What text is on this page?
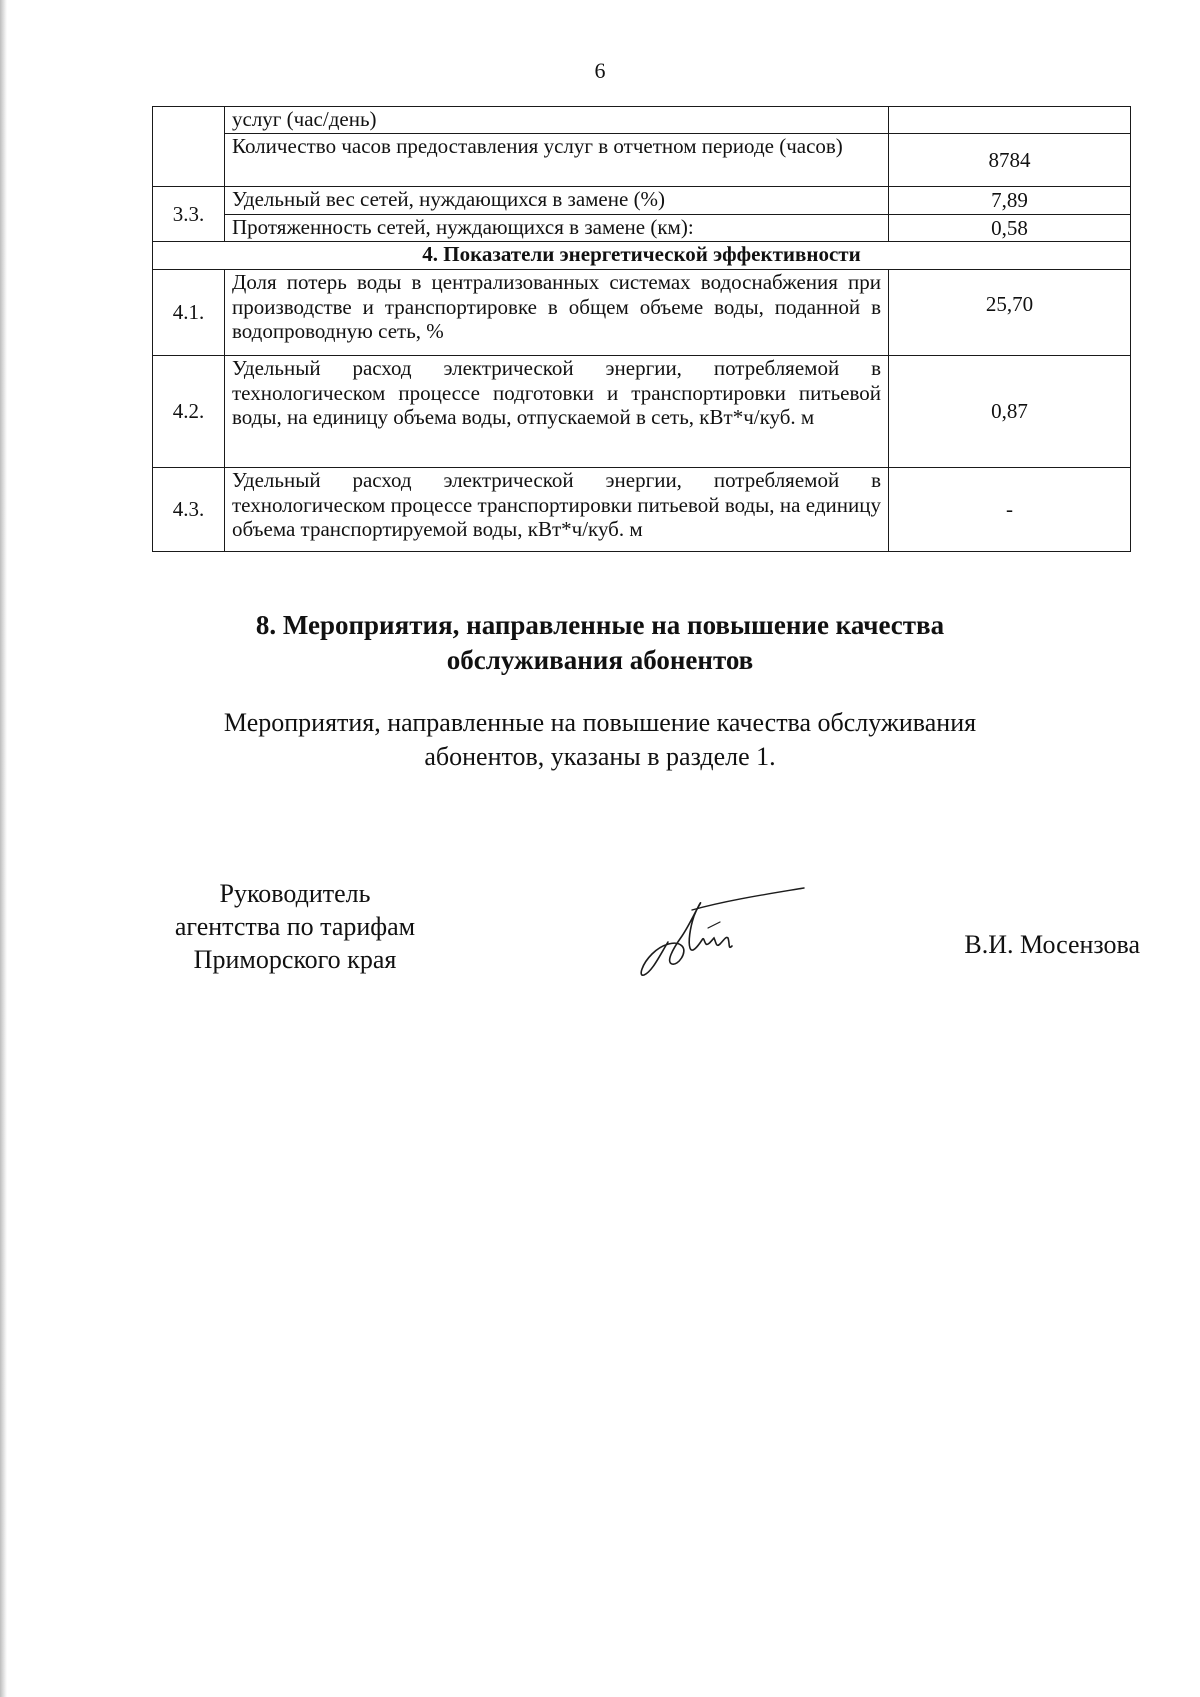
6
	услуг (час/день)	
	Количество часов предоставления услуг в отчетном периоде (часов)	8784
3.3.	Удельный вес сетей, нуждающихся в замене (%)	7,89
	Протяженность сетей, нуждающихся в замене (км):	0,58
4. Показатели энергетической эффективности		
4.1.	Доля потерь воды в централизованных системах водоснабжения при производстве и транспортировке в общем объеме воды, поданной в водопроводную сеть, %	25,70
4.2.	Удельный расход электрической энергии, потребляемой в технологическом процессе подготовки и транспортировки питьевой воды, на единицу объема воды, отпускаемой в сеть, кВт*ч/куб. м	0,87
4.3.	Удельный расход электрической энергии, потребляемой в технологическом процессе транспортировки питьевой воды, на единицу объема транспортируемой воды, кВт*ч/куб. м	-
8. Мероприятия, направленные на повышение качества
обслуживания абонентов
Мероприятия, направленные на повышение качества обслуживания
абонентов, указаны в разделе 1.
Руководитель
агентства по тарифам
Приморского края	В.И. Мосензова
